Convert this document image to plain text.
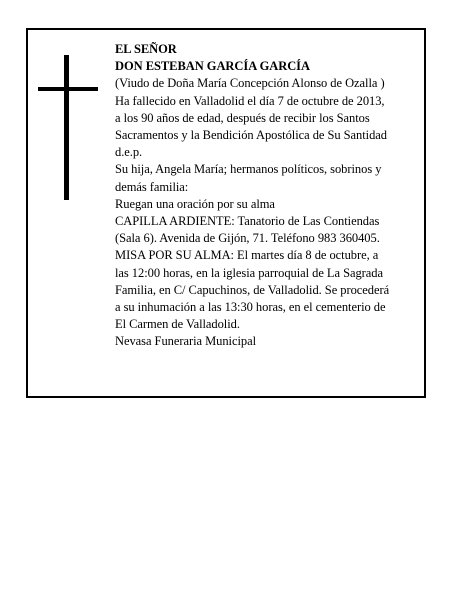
EL SEÑOR
DON ESTEBAN GARCÍA GARCÍA
(Viudo de Doña María Concepción Alonso de Ozalla )
Ha fallecido en Valladolid el día 7 de octubre de 2013,
a los 90 años de edad, después de recibir los Santos
Sacramentos y la Bendición Apostólica de Su Santidad
d.e.p.
Su hija, Angela María; hermanos políticos, sobrinos y
demás familia:
Ruegan una oración por su alma
CAPILLA ARDIENTE: Tanatorio de Las Contiendas
(Sala 6). Avenida de Gijón, 71. Teléfono 983 360405.
MISA POR SU ALMA: El martes día 8 de octubre, a
las 12:00 horas, en la iglesia parroquial de La Sagrada
Familia, en C/ Capuchinos, de Valladolid. Se procederá
a su inhumación a las 13:30 horas, en el cementerio de
El Carmen de Valladolid.
Nevasa Funeraria Municipal
